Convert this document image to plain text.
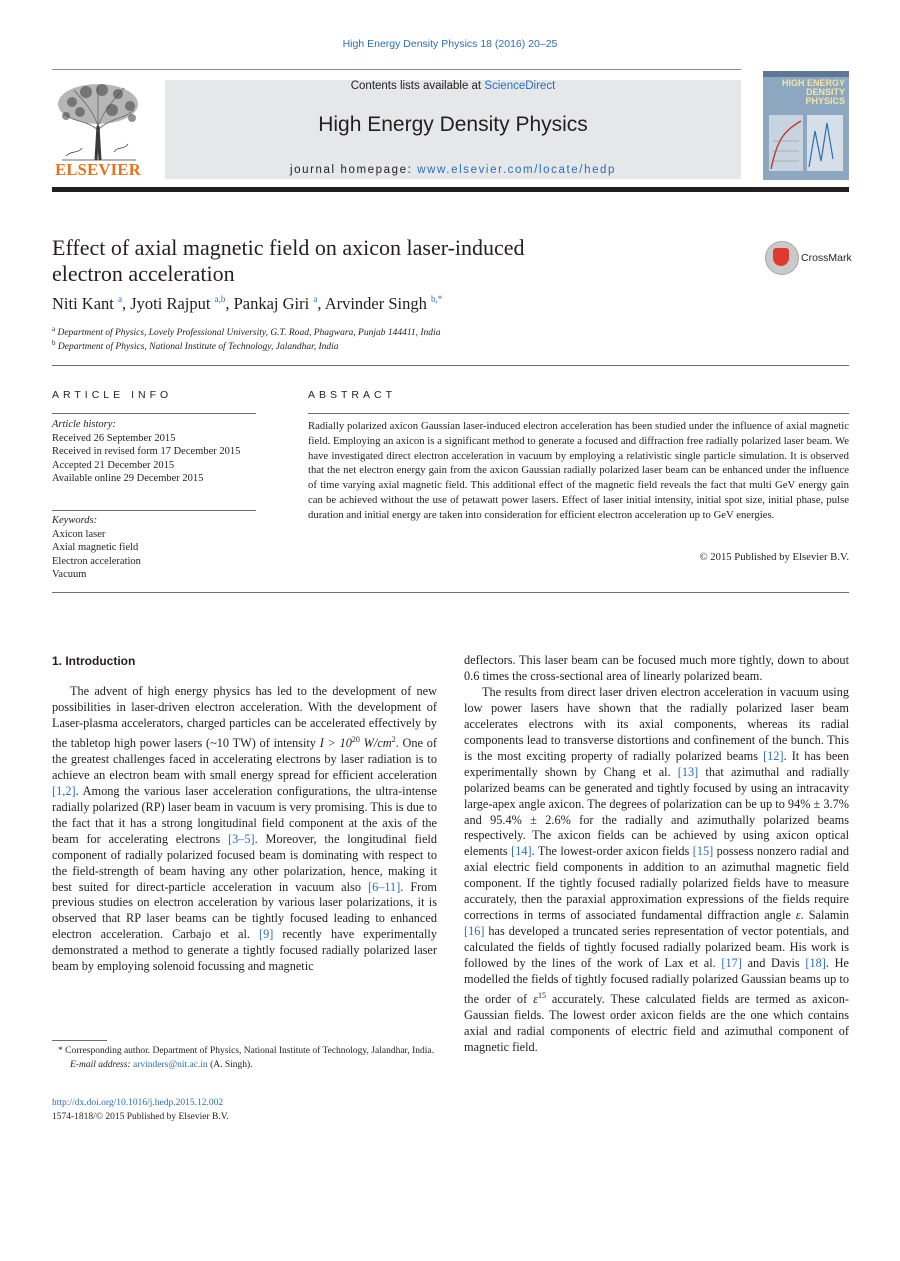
High Energy Density Physics 18 (2016) 20–25
ELSEVIER
Contents lists available at ScienceDirect
High Energy Density Physics
journal homepage: www.elsevier.com/locate/hedp
HIGH ENERGY DENSITY PHYSICS
Effect of axial magnetic field on axicon laser-induced
electron acceleration
CrossMark
Niti Kant $^a$, Jyoti Rajput $^{a,b}$, Pankaj Giri $^a$, Arvinder Singh $^{b,*}$
$^a$ Department of Physics, Lovely Professional University, G.T. Road, Phagwara, Punjab 144411, India
$^b$ Department of Physics, National Institute of Technology, Jalandhar, India
ARTICLE INFO
Article history:
Received 26 September 2015
Received in revised form 17 December 2015
Accepted 21 December 2015
Available online 29 December 2015
Keywords:
Axicon laser
Axial magnetic field
Electron acceleration
Vacuum
ABSTRACT
Radially polarized axicon Gaussian laser-induced electron acceleration has been studied under the influence of axial magnetic field. Employing an axicon is a significant method to generate a focused and diffraction free radially polarized laser beam. We have investigated direct electron acceleration in vacuum by employing a relativistic single particle simulation. It is observed that the net electron energy gain from the axicon Gaussian radially polarized laser beam can be enhanced under the influence of time varying axial magnetic field. This additional effect of the magnetic field reveals the fact that multi GeV energy gain can be achieved without the use of petawatt power lasers. Effect of laser initial intensity, initial spot size, initial phase, pulse duration and initial energy are taken into consideration for efficient electron acceleration up to GeV energies.
© 2015 Published by Elsevier B.V.
1. Introduction

The advent of high energy physics has led to the development of new possibilities in laser-driven electron acceleration. With the development of Laser-plasma accelerators, charged particles can be accelerated effectively by the tabletop high power lasers (~10 TW) of intensity $I > 10^{20}$ $W/cm^2$. One of the greatest challenges faced in accelerating electrons by laser radiation is to achieve an electron beam with small energy spread for efficient acceleration [1,2]. Among the various laser acceleration configurations, the ultra-intense radially polarized (RP) laser beam in vacuum is very promising. This is due to the fact that it has a strong longitudinal field component at the axis of the beam for accelerating electrons [3–5]. Moreover, the longitudinal field component of radially polarized focused beam is dominating with respect to the field-strength of beam having any other polarization, hence, making it best suited for direct-particle acceleration in vacuum also [6–11]. From previous studies on electron acceleration by various laser polarizations, it is observed that RP laser beams can be tightly focused leading to enhanced electron acceleration. Carbajo et al. [9] recently have experimentally demonstrated a method to generate a tightly focused radially polarized laser beam by employing solenoid focussing and magnetic

deflectors. This laser beam can be focused much more tightly, down to about 0.6 times the cross-sectional area of linearly polarized beam.

The results from direct laser driven electron acceleration in vacuum using low power lasers have shown that the radially polarized laser beam accelerates electrons with its axial components, whereas its radial components lead to transverse distortions and confinement of the bunch. This is the most exciting property of radially polarized beams [12]. It has been experimentally shown by Chang et al. [13] that azimuthal and radially polarized beams can be generated and tightly focused by using an intracavity large-apex angle axicon. The degrees of polarization can be up to 94% ± 3.7% and 95.4% ± 2.6% for the radially and azimuthally polarized beams respectively. The axicon fields can be achieved by using axicon optical elements [14]. The lowest-order axicon fields [15] possess nonzero radial and axial electric field components in addition to an azimuthal magnetic field component. If the tightly focused radially polarized fields have to measure accurately, then the paraxial approximation expressions of the fields require corrections in terms of associated fundamental diffraction angle ε. Salamin [16] has developed a truncated series representation of vector potentials, and calculated the fields of tightly focused radially polarized beam. His work is followed by the lines of the work of Lax et al. [17] and Davis [18]. He modelled the fields of tightly focused radially polarized Gaussian beams up to the order of $\varepsilon^{15}$ accurately. These calculated fields are termed as axicon-Gaussian fields. The lowest order axicon fields are the one which contains axial and radial components of electric field and azimuthal component of magnetic field.

* Corresponding author. Department of Physics, National Institute of Technology, Jalandhar, India.
E-mail address: arvinders@nit.ac.in (A. Singh).
http://dx.doi.org/10.1016/j.hedp.2015.12.002
1574-1818/© 2015 Published by Elsevier B.V.
